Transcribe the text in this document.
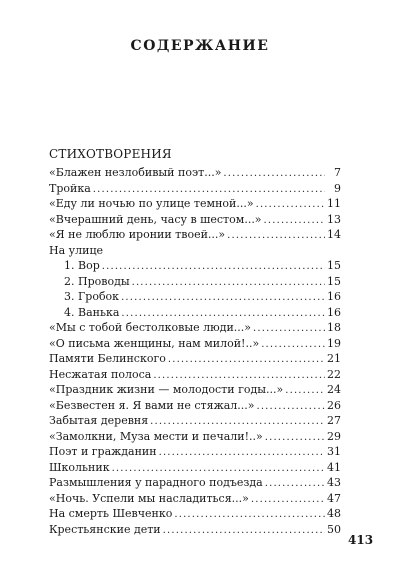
СОДЕРЖАНИЕ
СТИХОТВОРЕНИЯ
«Блажен незлобивый поэт...» . . .	7
Тройка . . .	9
«Еду ли ночью по улице темной...» . . .	11
«Вчерашний день, часу в шестом...» . . .	13
«Я не люблю иронии твоей...» . . .	14
На улице
1. Вор . . .	15
2. Проводы . . .	15
3. Гробок . . .	16
4. Ванька . . .	16
«Мы с тобой бестолковые люди...» . . .	18
«О письма женщины, нам милой!..» . . .	19
Памяти Белинского . . .	21
Несжатая полоса . . .	22
«Праздник жизни — молодости годы...» . . .	24
«Безвестен я. Я вами не стяжал...» . . .	26
Забытая деревня . . .	27
«Замолкни, Муза мести и печали!..» . . .	29
Поэт и гражданин . . .	31
Школьник . . .	41
Размышления у парадного подъезда . . .	43
«Ночь. Успели мы насладиться...» . . .	47
На смерть Шевченко . . .	48
Крестьянские дети . . .	50
413
